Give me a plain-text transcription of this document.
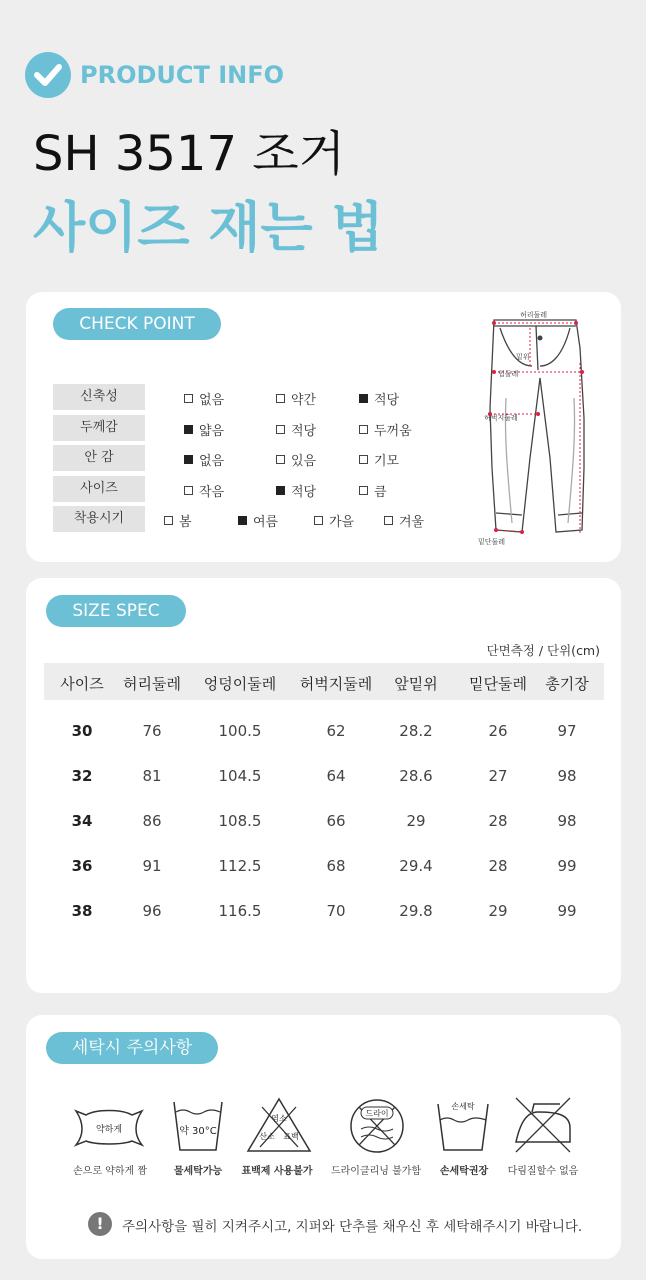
PRODUCT INFO
SH 3517 조거
사이즈 재는 법
CHECK POINT
신축성	없음	약간	적당
두께감	얇음	적당	두꺼움
안 감	없음	있음	기모
사이즈	작음	적당	큼
착용시기	봄	여름	가을	겨울
허리둘레
밑위
힙둘레
허벅지둘레
밑단둘레
SIZE SPEC
단면측정 / 단위(cm)
사이즈	허리둘레	엉덩이둘레	허벅지둘레	앞밑위	밑단둘레	총기장
30	76	100.5	62	28.2	26	97
32	81	104.5	64	28.6	27	98
34	86	108.5	66	29	28	98
36	91	112.5	68	29.4	28	99
38	96	116.5	70	29.8	29	99
세탁시 주의사항
약하게	약 30°C
염소
산소 표백
드라이
손세탁
손으로 약하게 짬	물세탁가능	표백제 사용불가	드라이클리닝 불가함	손세탁권장	다림질할수 없음
!	주의사항을 필히 지켜주시고, 지퍼와 단추를 채우신 후 세탁해주시기 바랍니다.
